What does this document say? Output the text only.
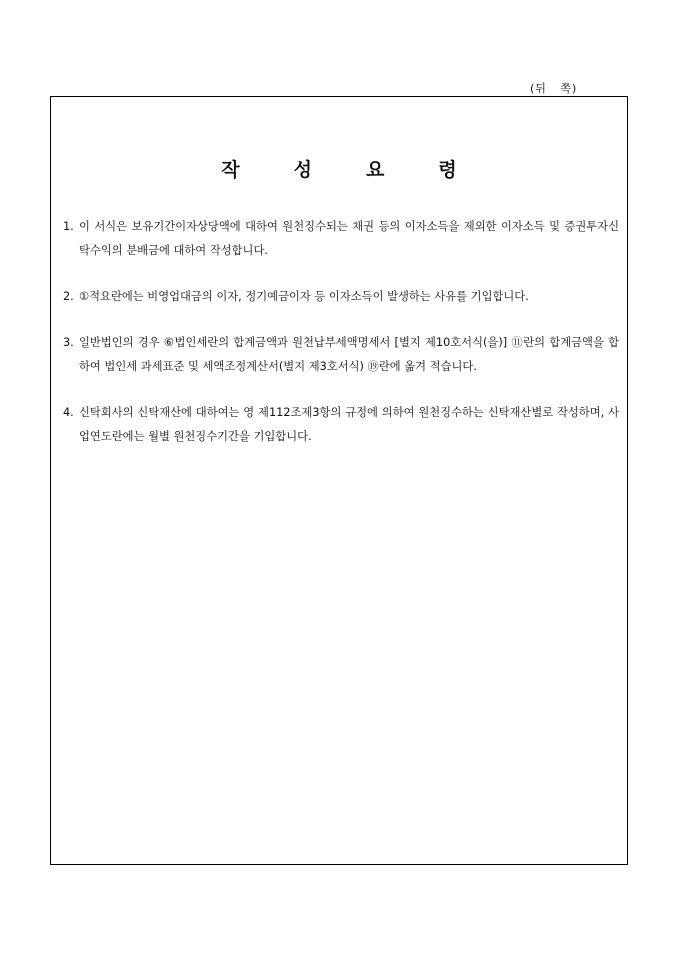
(뒤   쪽)
작	성	요	령
1. 이 서식은 보유기간이자상당액에 대하여 원천징수되는 채권 등의 이자소득을 제외한 이자소득 및 증권투자신탁수익의 분배금에 대하여 작성합니다.
2. ①적요란에는 비영업대금의 이자, 정기예금이자 등 이자소득이 발생하는 사유를 기입합니다.
3. 일반법인의 경우 ⑥법인세란의 합계금액과 원천납부세액명세서 [별지 제10호서식(을)] ⑪란의 합계금액을 합하여 법인세 과세표준 및 세액조정계산서(별지 제3호서식) ⑲란에 옮겨 적습니다.
4. 신탁회사의 신탁재산에 대하여는 영 제112조제3항의 규정에 의하여 원천징수하는 신탁재산별로 작성하며, 사업연도란에는 월별 원천징수기간을 기입합니다.
